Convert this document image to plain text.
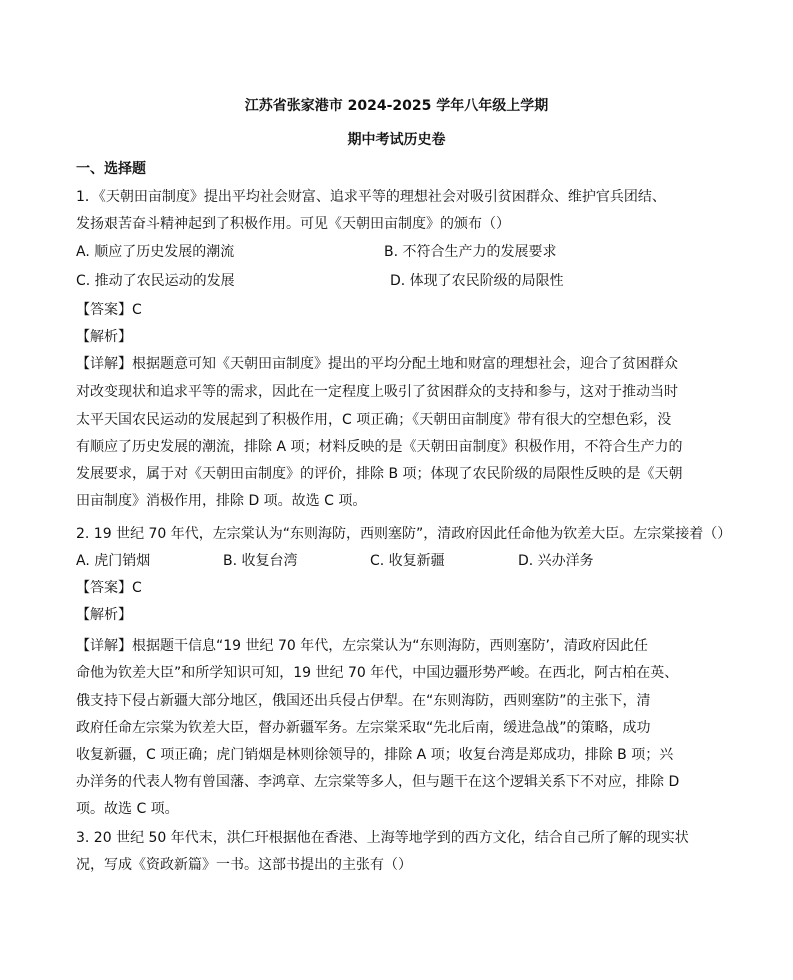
江苏省张家港市 2024-2025 学年八年级上学期
期中考试历史卷
一、选择题
1．《天朝田亩制度》提出平均社会财富、追求平等的理想社会对吸引贫困群众、维护官兵团结、
发扬艰苦奋斗精神起到了积极作用。可见《天朝田亩制度》的颁布（）
A. 顺应了历史发展的潮流	B. 不符合生产力的发展要求
C. 推动了农民运动的发展	D. 体现了农民阶级的局限性
【答案】C
【解析】
【详解】根据题意可知《天朝田亩制度》提出的平均分配土地和财富的理想社会，迎合了贫困群众
对改变现状和追求平等的需求，因此在一定程度上吸引了贫困群众的支持和参与，这对于推动当时
太平天国农民运动的发展起到了积极作用，C 项正确；《天朝田亩制度》带有很大的空想色彩，没
有顺应了历史发展的潮流，排除 A 项；材料反映的是《天朝田亩制度》积极作用，不符合生产力的
发展要求，属于对《天朝田亩制度》的评价，排除 B 项；体现了农民阶级的局限性反映的是《天朝
田亩制度》消极作用，排除 D 项。故选 C 项。
2. 19 世纪 70 年代，左宗棠认为“东则海防，西则塞防”，清政府因此任命他为钦差大臣。左宗棠接着（）
A. 虎门销烟	B. 收复台湾	C. 收复新疆	D. 兴办洋务
【答案】C
【解析】
【详解】根据题干信息“19 世纪 70 年代，左宗棠认为“东则海防，西则塞防’，清政府因此任
命他为钦差大臣”和所学知识可知，19 世纪 70 年代，中国边疆形势严峻。在西北，阿古柏在英、
俄支持下侵占新疆大部分地区，俄国还出兵侵占伊犁。在“东则海防，西则塞防”的主张下，清
政府任命左宗棠为钦差大臣，督办新疆军务。左宗棠采取“先北后南，缓进急战”的策略，成功
收复新疆，C 项正确；虎门销烟是林则徐领导的，排除 A 项；收复台湾是郑成功，排除 B 项；兴
办洋务的代表人物有曾国藩、李鸿章、左宗棠等多人，但与题干在这个逻辑关系下不对应，排除 D
项。故选 C 项。
3. 20 世纪 50 年代末，洪仁玕根据他在香港、上海等地学到的西方文化，结合自己所了解的现实状
况，写成《资政新篇》一书。这部书提出的主张有（）
